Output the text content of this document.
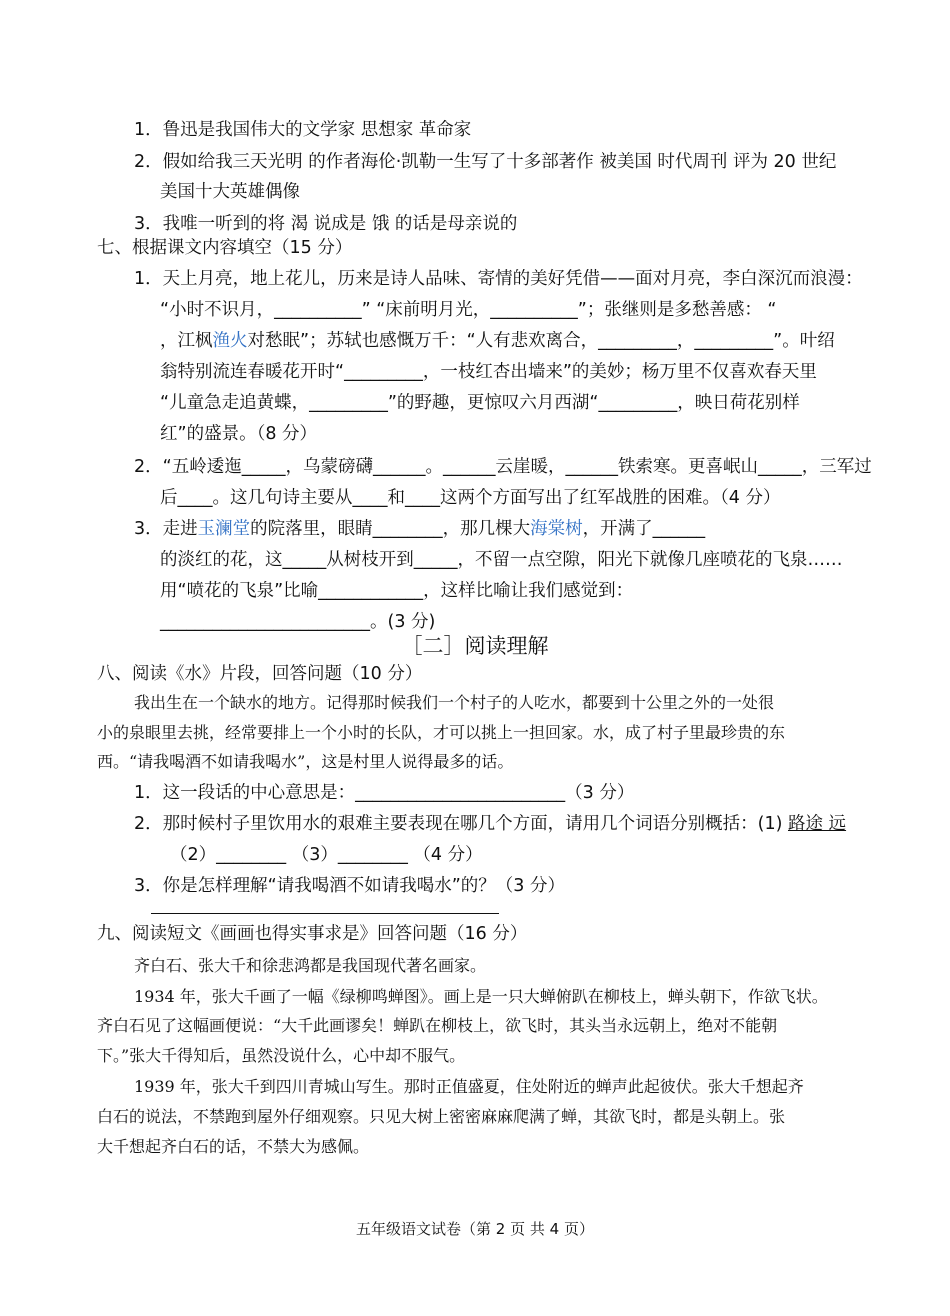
1．鲁迅是我国伟大的文学家 思想家 革命家
2．假如给我三天光明 的作者海伦·凯勒一生写了十多部著作 被美国 时代周刊 评为 20 世纪
美国十大英雄偶像
3．我唯一听到的将 渴 说成是 饿 的话是母亲说的
七、根据课文内容填空（15 分）
1．天上月亮，地上花儿，历来是诗人品味、寄情的美好凭借——面对月亮，李白深沉而浪漫：
“小时不识月，__________” “床前明月光，__________”；张继则是多愁善感： “
，江枫渔火对愁眠”；苏轼也感慨万千：“人有悲欢离合，_________，_________”。叶绍
翁特别流连春暖花开时“_________，一枝红杏出墙来”的美妙；杨万里不仅喜欢春天里
“儿童急走追黄蝶，_________”的野趣，更惊叹六月西湖“_________，映日荷花别样
红”的盛景。（8 分）
2．“五岭逶迤_____，乌蒙磅礴______。______云崖暖，______铁索寒。更喜岷山_____，三军过
后____。这几句诗主要从____和____这两个方面写出了红军战胜的困难。（4 分）
3．走进玉澜堂的院落里，眼睛________，那几棵大海棠树，开满了______
的淡红的花，这_____从树枝开到_____，不留一点空隙，阳光下就像几座喷花的飞泉……
用“喷花的飞泉”比喻____________，这样比喻让我们感觉到：
________________________。(3 分)
［二］阅读理解
八、阅读《水》片段，回答问题（10 分）
我出生在一个缺水的地方。记得那时候我们一个村子的人吃水，都要到十公里之外的一处很
小的泉眼里去挑，经常要排上一个小时的长队，才可以挑上一担回家。水，成了村子里最珍贵的东
西。“请我喝酒不如请我喝水”，这是村里人说得最多的话。
1．这一段话的中心意思是：________________________（3 分）
2．那时候村子里饮用水的艰难主要表现在哪几个方面，请用几个词语分别概括：(1) 路途 远
（2）________ （3）________ （4 分）
3．你是怎样理解“请我喝酒不如请我喝水”的？（3 分）
九、阅读短文《画画也得实事求是》回答问题（16 分）
齐白石、张大千和徐悲鸿都是我国现代著名画家。
1934 年，张大千画了一幅《绿柳鸣蝉图》。画上是一只大蝉俯趴在柳枝上，蝉头朝下，作欲飞状。
齐白石见了这幅画便说：“大千此画谬矣！蝉趴在柳枝上，欲飞时，其头当永远朝上，绝对不能朝
下。”张大千得知后，虽然没说什么，心中却不服气。
1939 年，张大千到四川青城山写生。那时正值盛夏，住处附近的蝉声此起彼伏。张大千想起齐
白石的说法，不禁跑到屋外仔细观察。只见大树上密密麻麻爬满了蝉，其欲飞时，都是头朝上。张
大千想起齐白石的话，不禁大为感佩。
五年级语文试卷（第 2 页 共 4 页）
